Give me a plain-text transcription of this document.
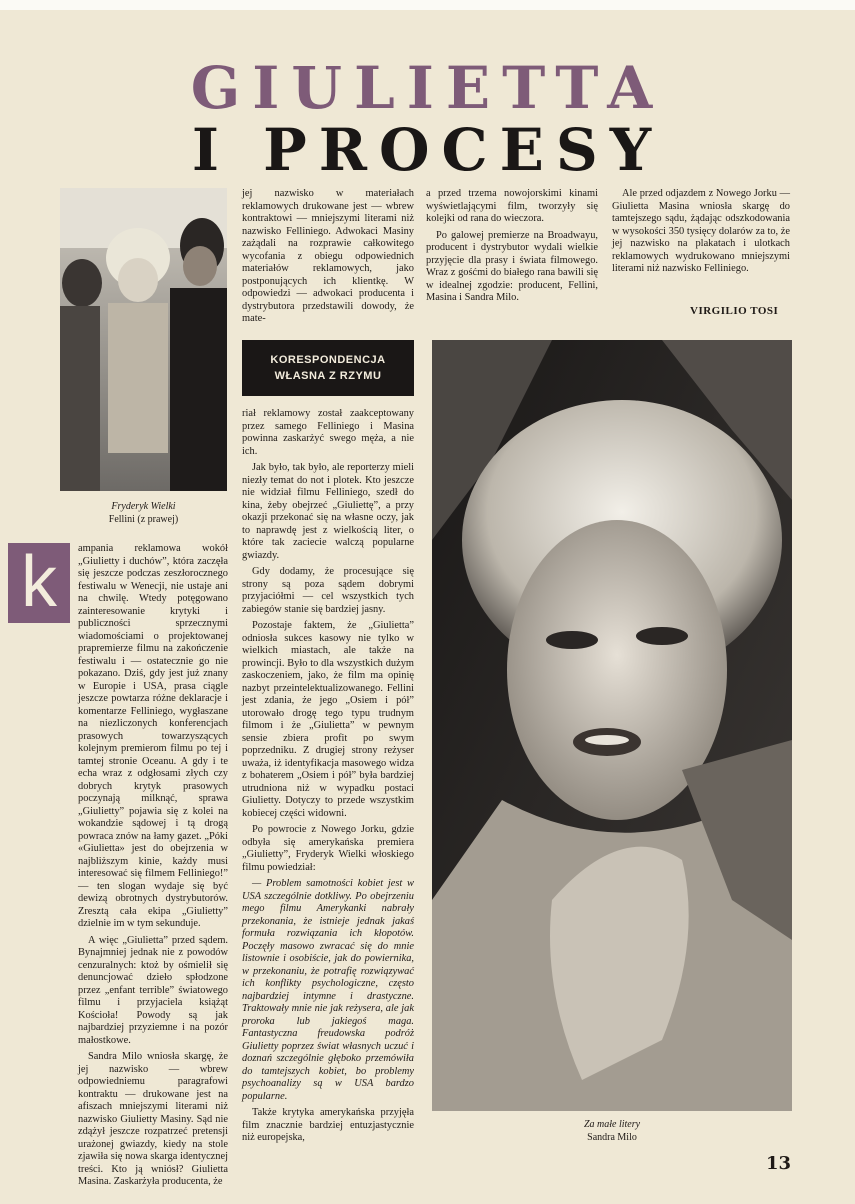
GIULIETTA
I PROCESY
Fryderyk Wielki
Fellini (z prawej)

jej nazwisko w materiałach reklamowych drukowane jest — wbrew kontraktowi — mniejszymi literami niż nazwisko Felliniego. Adwokaci Masiny zażądali na rozprawie całkowitego wycofania z obiegu odpowiednich materiałów reklamowych, jako postponujących ich klientkę. W odpowiedzi — adwokaci producenta i dystrybutora przedstawili dowody, że mate-

a przed trzema nowojorskimi kinami wyświetlającymi film, tworzyły się kolejki od rana do wieczora.

Po galowej premierze na Broadwayu, producent i dystrybutor wydali wielkie przyjęcie dla prasy i świata filmowego. Wraz z gośćmi do białego rana bawili się w idealnej zgodzie: producent, Fellini, Masina i Sandra Milo.

Ale przed odjazdem z Nowego Jorku — Giulietta Masina wniosła skargę do tamtejszego sądu, żądając odszkodowania w wysokości 350 tysięcy dolarów za to, że jej nazwisko na plakatach i ulotkach reklamowych wydrukowano mniejszymi literami niż nazwisko Felliniego.

VIRGILIO TOSI
KORESPONDENCJA
WŁASNA Z RZYMU
k	ampania reklamowa wokół „Giulietty i duchów”, która zaczęła się jeszcze podczas zeszłorocznego festiwalu w Wenecji, nie ustaje ani na chwilę. Wtedy potęgowano zainteresowanie krytyki i publiczności sprzecznymi wiadomościami o projektowanej prapremierze filmu na zakończenie festiwalu i — ostatecznie go nie pokazano. Dziś, gdy jest już znany w Europie i USA, prasa ciągle jeszcze powtarza różne deklaracje i komentarze Felliniego, wygłaszane na niezliczonych konferencjach prasowych towarzyszących kolejnym premierom filmu po tej i tamtej stronie Oceanu. A gdy i te echa wraz z odgłosami złych czy dobrych krytyk prasowych poczynają milknąć, sprawa „Giulietty” pojawia się z kolei na wokandzie sądowej i tą drogą powraca znów na łamy gazet. „Póki «Giulietta» jest do obejrzenia w najbliższym kinie, każdy musi interesować się filmem Felliniego!” — ten slogan wydaje się być dewizą obrotnych dystrybutorów. Zresztą cała ekipa „Giulietty” dzielnie im w tym sekunduje.

A więc „Giulietta” przed sądem. Bynajmniej jednak nie z powodów cenzuralnych: ktoż by ośmielił się denuncjować dzieło spłodzone przez „enfant terrible” światowego filmu i przyjaciela książąt Kościoła! Powody są jak najbardziej przyziemne i na pozór małostkowe.

Sandra Milo wniosła skargę, że jej nazwisko — wbrew odpowiedniemu paragrafowi kontraktu — drukowane jest na afiszach mniejszymi literami niż nazwisko Giulietty Masiny. Sąd nie zdążył jeszcze rozpatrzeć pretensji urażonej gwiazdy, kiedy na stole zjawiła się nowa skarga identycznej treści. Kto ją wniósł? Giulietta Masina. Zaskarżyła producenta, że

riał reklamowy został zaakceptowany przez samego Felliniego i Masina powinna zaskarżyć swego męża, a nie ich.

Jak było, tak było, ale reporterzy mieli niezły temat do not i plotek. Kto jeszcze nie widział filmu Felliniego, szedł do kina, żeby obejrzeć „Giuliettę”, a przy okazji przekonać się na własne oczy, jak to naprawdę jest z wielkością liter, o które tak zaciecie walczą popularne gwiazdy.

Gdy dodamy, że procesujące się strony są poza sądem dobrymi przyjaciółmi — cel wszystkich tych zabiegów stanie się bardziej jasny.

Pozostaje faktem, że „Giulietta” odniosła sukces kasowy nie tylko w wielkich miastach, ale także na prowincji. Było to dla wszystkich dużym zaskoczeniem, jako, że film ma opinię nazbyt przeintelektualizowanego. Fellini jest zdania, że jego „Osiem i pół” utorowało drogę tego typu trudnym filmom i że „Giulietta” w pewnym sensie zbiera profit po swym poprzedniku. Z drugiej strony reżyser uważa, iż identyfikacja masowego widza z bohaterem „Osiem i pół” była bardziej utrudniona niż w wypadku postaci Giulietty. Dotyczy to przede wszystkim kobiecej części widowni.

Po powrocie z Nowego Jorku, gdzie odbyła się amerykańska premiera „Giulietty”, Fryderyk Wielki włoskiego filmu powiedział:

— Problem samotności kobiet jest w USA szczególnie dotkliwy. Po obejrzeniu mego filmu Amerykanki nabrały przekonania, że istnieje jednak jakaś formuła rozwiązania ich kłopotów. Poczęły masowo zwracać się do mnie listownie i osobiście, jak do powiernika, w przekonaniu, że potrafię rozwiązywać ich konflikty psychologiczne, często najbardziej intymne i drastyczne. Traktowały mnie nie jak reżysera, ale jak proroka lub jakiegoś maga. Fantastyczna freudowska podróż Giulietty poprzez świat własnych uczuć i doznań szczególnie głęboko przemówiła do tamtejszych kobiet, bo problemy psychoanalizy są w USA bardzo popularne.

Także krytyka amerykańska przyjęła film znacznie bardziej entuzjastycznie niż europejska,

Za małe litery
Sandra Milo
13
